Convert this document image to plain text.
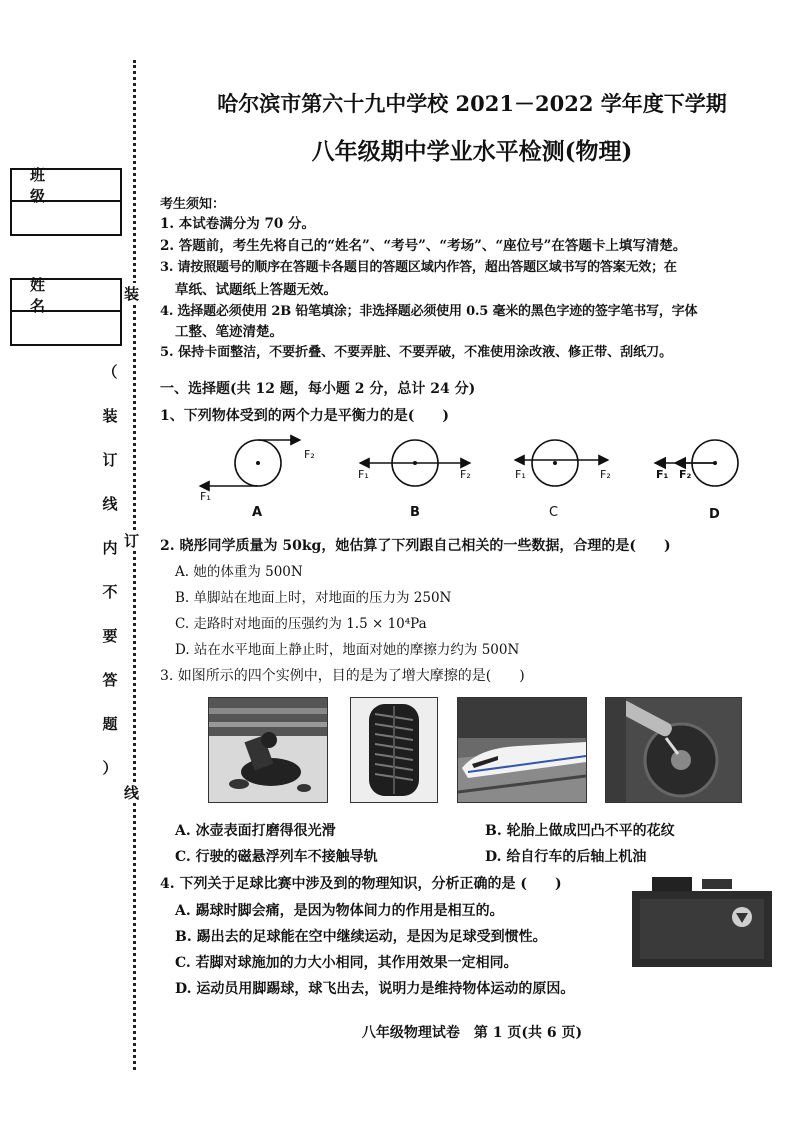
班 级
姓 名
（
装
订
线
内
不
要
答
题
）
装
订
线
哈尔滨市第六十九中学校 2021－2022 学年度下学期
八年级期中学业水平检测(物理)
考生须知：
1. 本试卷满分为 70 分。
2. 答题前，考生先将自己的“姓名”、“考号”、“考场”、“座位号”在答题卡上填写清楚。
3. 请按照题号的顺序在答题卡各题目的答题区域内作答，超出答题区域书写的答案无效；在
草纸、试题纸上答题无效。
4. 选择题必须使用 2B 铅笔填涂；非选择题必须使用 0.5 毫米的黑色字迹的签字笔书写，字体
工整、笔迹清楚。
5. 保持卡面整洁，不要折叠、不要弄脏、不要弄破，不准使用涂改液、修正带、刮纸刀。
一、选择题(共 12 题，每小题 2 分，总计 24 分)
1、下列物体受到的两个力是平衡力的是(　　)
F₂
F₁
F₁	F₂	F₁	F₂	F₁ F₂
A	B	C	D
2. 晓彤同学质量为 50kg，她估算了下列跟自己相关的一些数据，合理的是(　　)
A. 她的体重为 500N
B. 单脚站在地面上时，对地面的压力为 250N
C. 走路时对地面的压强约为 1.5 × 10⁴Pa
D. 站在水平地面上静止时，地面对她的摩擦力约为 500N
3. 如图所示的四个实例中，目的是为了增大摩擦的是(　　)
A. 冰壶表面打磨得很光滑	B. 轮胎上做成凹凸不平的花纹
C. 行驶的磁悬浮列车不接触导轨	D. 给自行车的后轴上机油
4. 下列关于足球比赛中涉及到的物理知识，分析正确的是 (　　)
A. 踢球时脚会痛，是因为物体间力的作用是相互的。
B. 踢出去的足球能在空中继续运动，是因为足球受到惯性。
C. 若脚对球施加的力大小相同，其作用效果一定相同。
D. 运动员用脚踢球，球飞出去，说明力是维持物体运动的原因。
八年级物理试卷　第 1 页(共 6 页)
